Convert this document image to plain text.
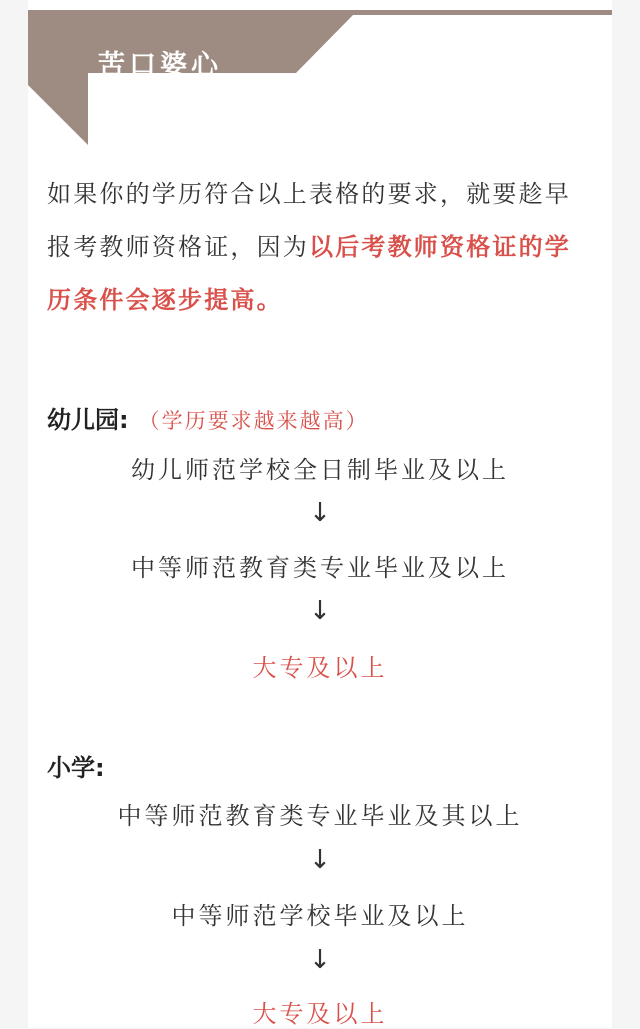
苦口婆心
如果你的学历符合以上表格的要求，就要趁早报考教师资格证，因为以后考教师资格证的学历条件会逐步提高。
幼儿园: （学历要求越来越高）
幼儿师范学校全日制毕业及以上
↓
中等师范教育类专业毕业及以上
↓
大专及以上
小学:
中等师范教育类专业毕业及其以上
↓
中等师范学校毕业及以上
↓
大专及以上
